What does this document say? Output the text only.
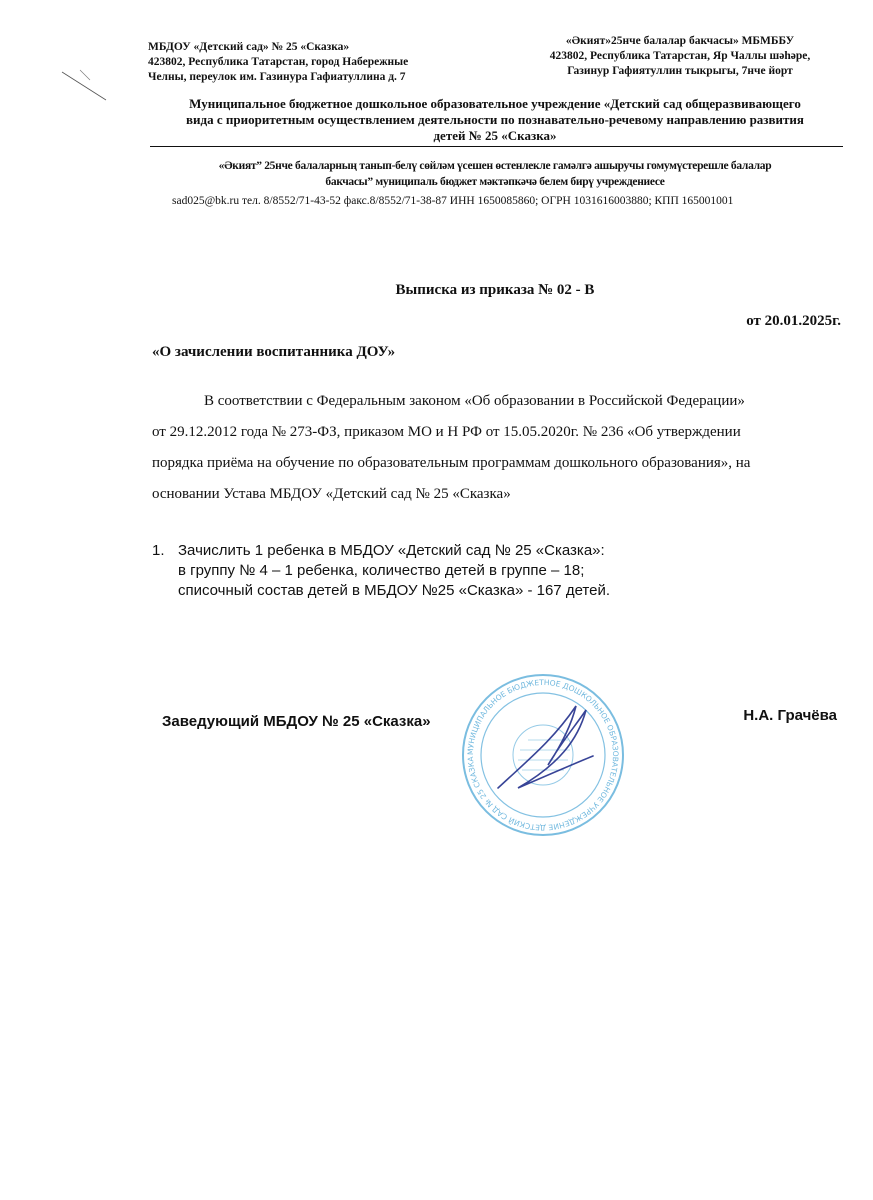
МБДОУ «Детский сад» № 25 «Сказка»
423802, Республика Татарстан, город Набережные
Челны, переулок им. Газинура Гафиатуллина д. 7
«Әкият»25нче балалар бакчасы» МБМББУ
423802, Республика Татарстан, Яр Чаллы шәһәре,
Газинур Гафиятуллин тыкрыгы, 7нче йорт
Муниципальное бюджетное дошкольное образовательное учреждение «Детский сад общеразвивающего
вида с приоритетным осуществлением деятельности по познавательно-речевому направлению развития
детей № 25 «Сказка»
«Әкият” 25нче балаларның танып-белү сөйләм үсешен өстенлекле гамәлгә ашыручы гомумүстерешле балалар
бакчасы” муниципаль бюджет мәктәпкәчә белем бирү учреждениесе
sad025@bk.ru тел. 8/8552/71-43-52 факс.8/8552/71-38-87 ИНН 1650085860; ОГРН 1031616003880; КПП 165001001
Выписка из приказа № 02 - В
от 20.01.2025г.
«О зачислении воспитанника ДОУ»
В соответствии с Федеральным законом «Об образовании в Российской Федерации»
от 29.12.2012 года № 273-ФЗ, приказом МО и Н РФ от 15.05.2020г. № 236 «Об утверждении
порядка приёма на обучение по образовательным программам дошкольного образования», на
основании Устава МБДОУ «Детский сад № 25 «Сказка»
1. Зачислить 1 ребенка в МБДОУ «Детский сад № 25 «Сказка»:
в группу № 4 – 1 ребенка, количество детей в группе – 18;
списочный состав детей в МБДОУ №25 «Сказка» - 167 детей.
МУНИЦИПАЛЬНОЕ БЮДЖЕТНОЕ ДОШКОЛЬНОЕ ОБРАЗОВАТЕЛЬНОЕ УЧРЕЖДЕНИЕ ДЕТСКИЙ САД № 25 СКАЗКА
Заведующий МБДОУ № 25 «Сказка»	Н.А. Грачёва
